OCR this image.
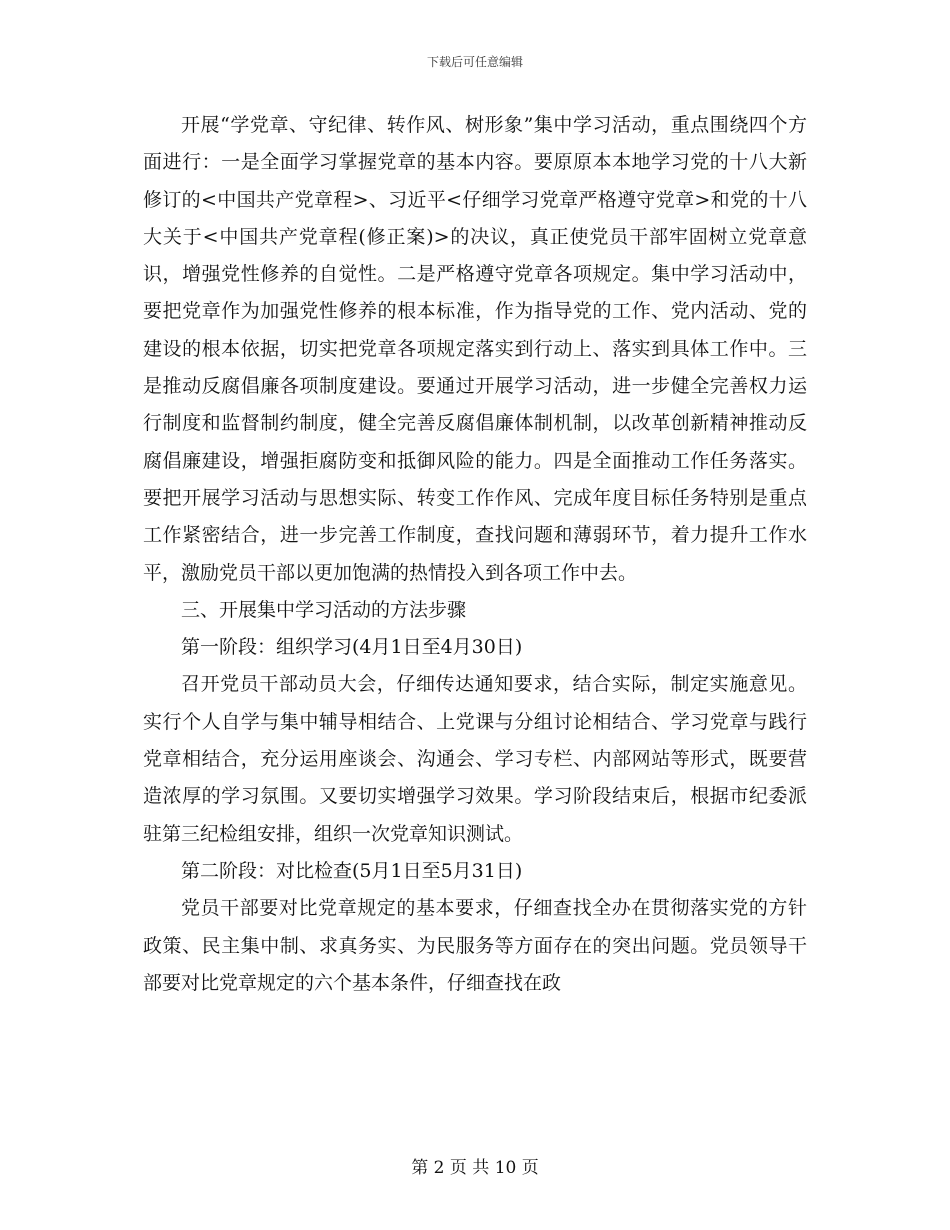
下载后可任意编辑

开展“学党章、守纪律、转作风、树形象”集中学习活动，重点围绕四个方面进行：一是全面学习掌握党章的基本内容。要原原本本地学习党的十八大新修订的<中国共产党章程>、习近平<仔细学习党章严格遵守党章>和党的十八大关于<中国共产党章程(修正案)>的决议，真正使党员干部牢固树立党章意识，增强党性修养的自觉性。二是严格遵守党章各项规定。集中学习活动中，要把党章作为加强党性修养的根本标准，作为指导党的工作、党内活动、党的建设的根本依据，切实把党章各项规定落实到行动上、落实到具体工作中。三是推动反腐倡廉各项制度建设。要通过开展学习活动，进一步健全完善权力运行制度和监督制约制度，健全完善反腐倡廉体制机制，以改革创新精神推动反腐倡廉建设，增强拒腐防变和抵御风险的能力。四是全面推动工作任务落实。要把开展学习活动与思想实际、转变工作作风、完成年度目标任务特别是重点工作紧密结合，进一步完善工作制度，查找问题和薄弱环节，着力提升工作水平，激励党员干部以更加饱满的热情投入到各项工作中去。

三、开展集中学习活动的方法步骤

第一阶段：组织学习(4月1日至4月30日)

召开党员干部动员大会，仔细传达通知要求，结合实际，制定实施意见。实行个人自学与集中辅导相结合、上党课与分组讨论相结合、学习党章与践行党章相结合，充分运用座谈会、沟通会、学习专栏、内部网站等形式，既要营造浓厚的学习氛围。又要切实增强学习效果。学习阶段结束后，根据市纪委派驻第三纪检组安排，组织一次党章知识测试。

第二阶段：对比检查(5月1日至5月31日)

党员干部要对比党章规定的基本要求，仔细查找全办在贯彻落实党的方针政策、民主集中制、求真务实、为民服务等方面存在的突出问题。党员领导干部要对比党章规定的六个基本条件，仔细查找在政

第 2 页 共 10 页
